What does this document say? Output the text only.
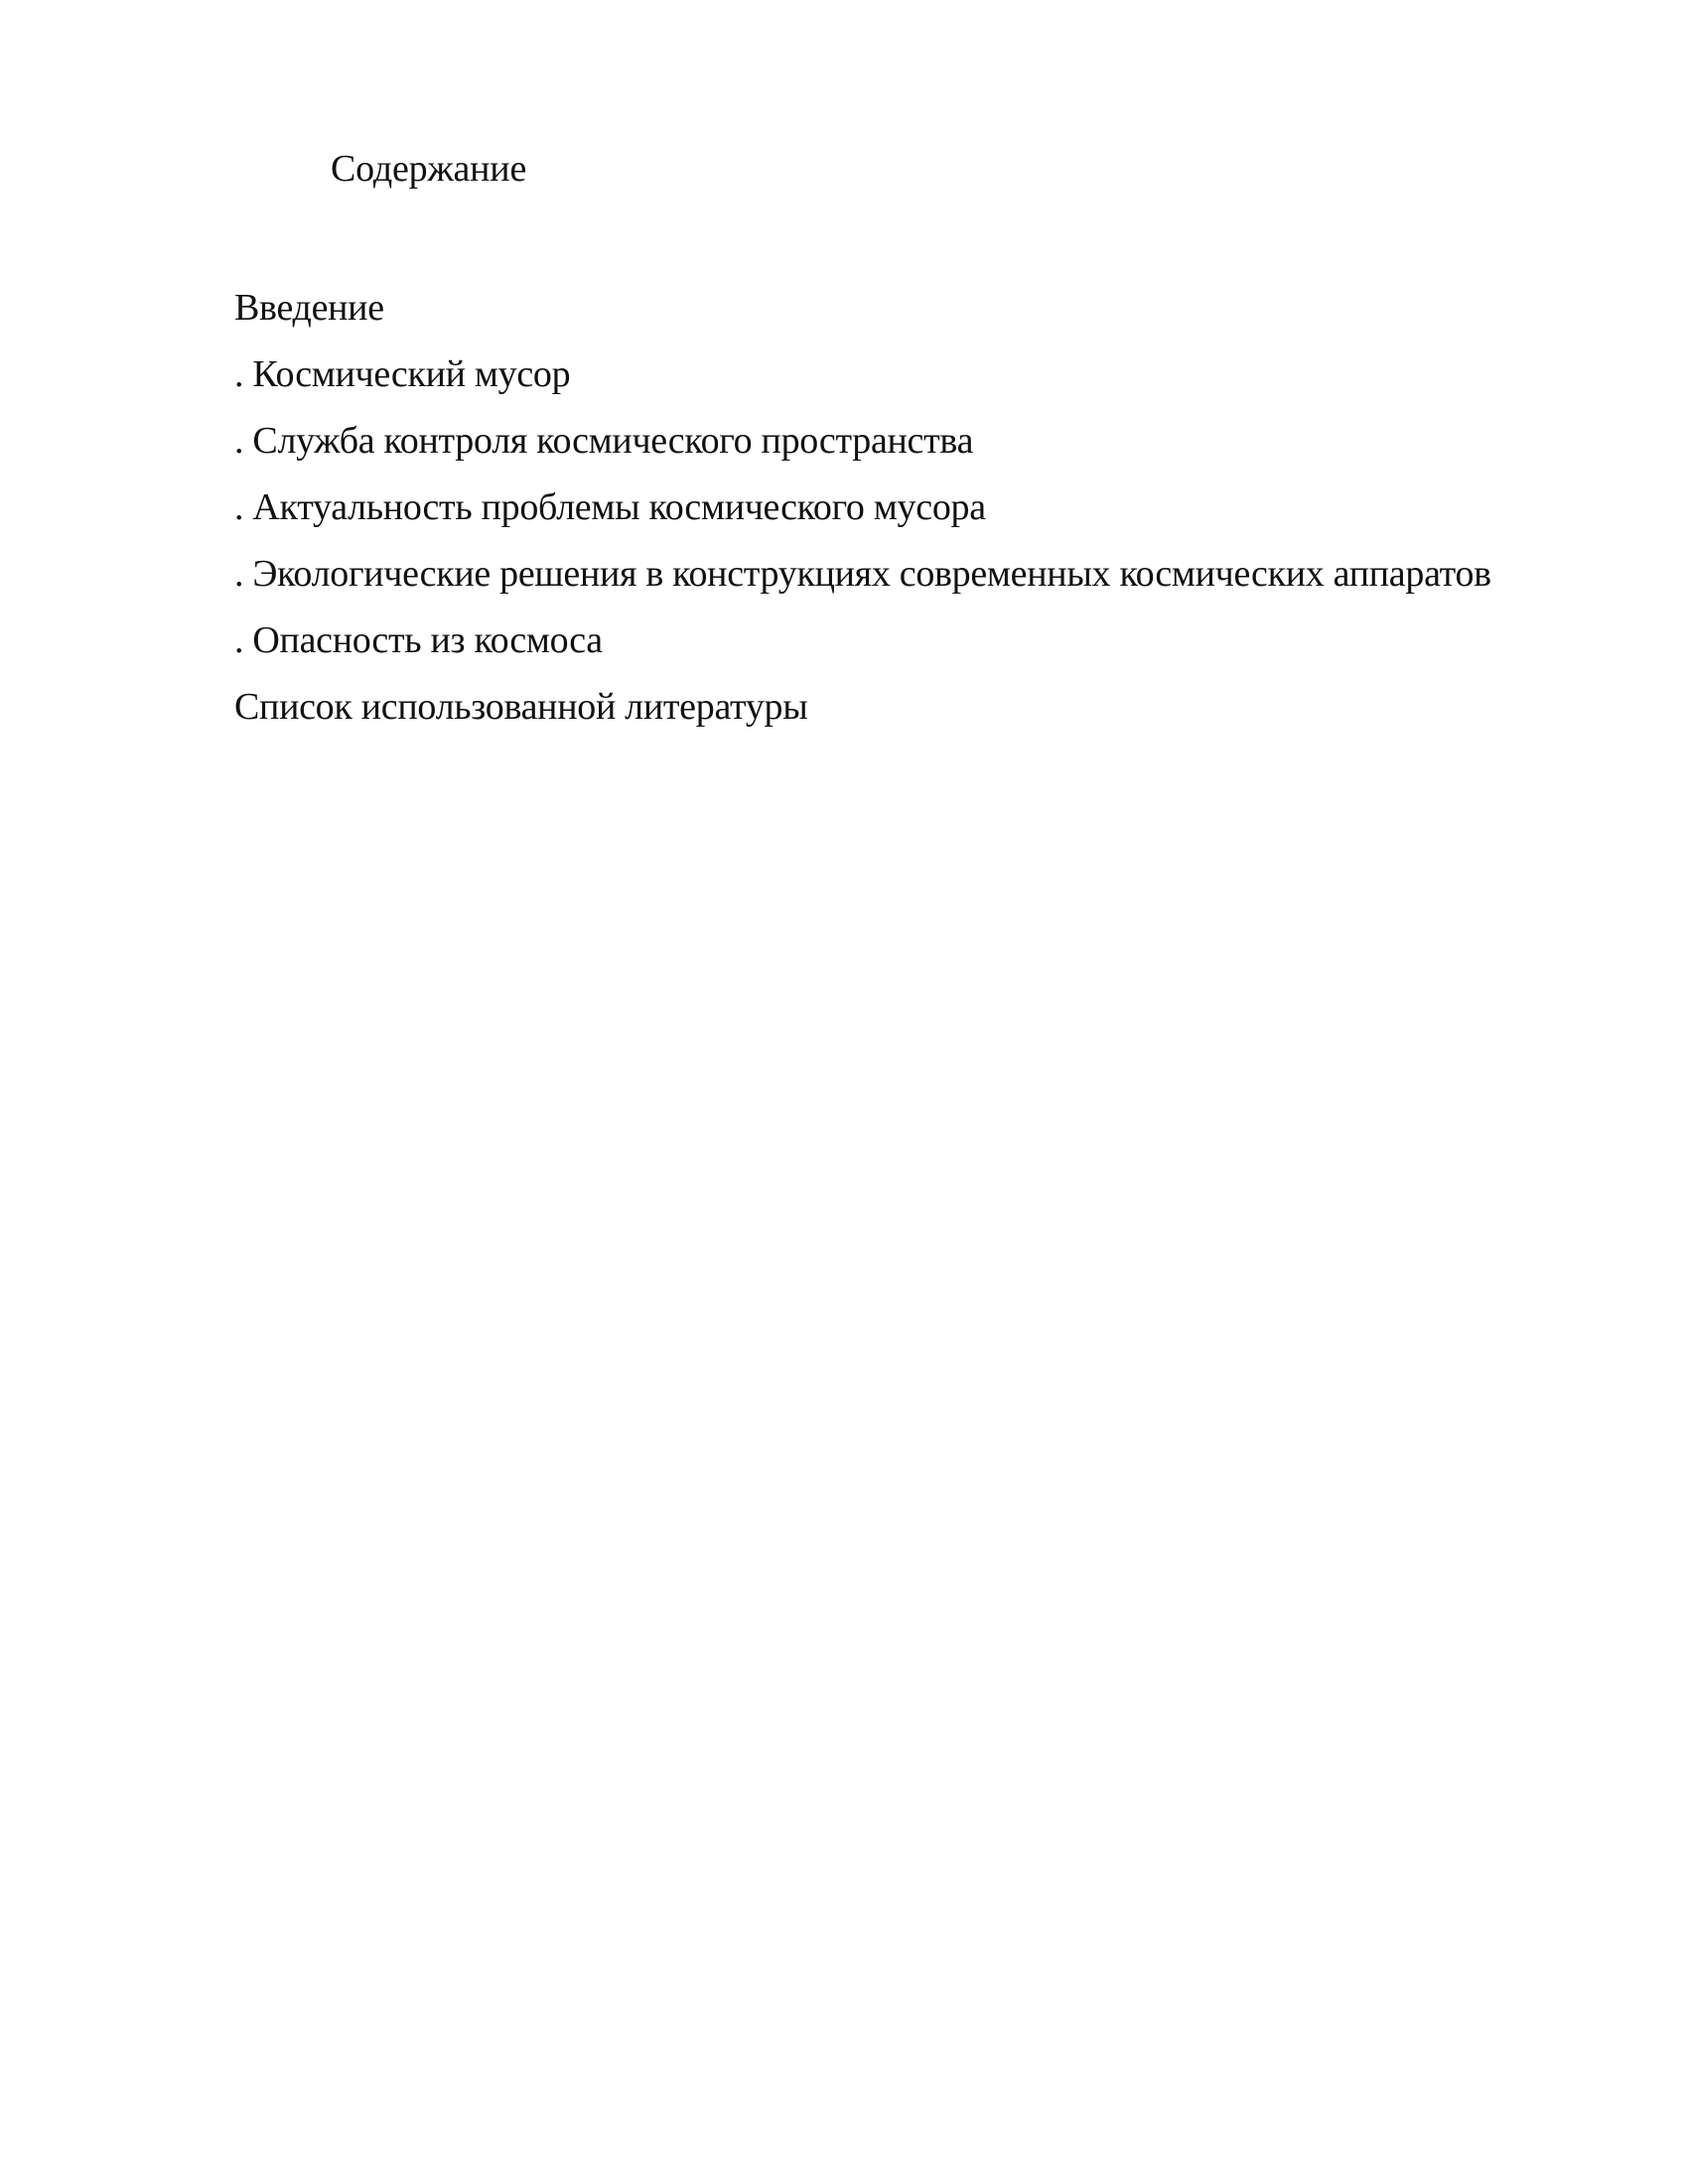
Содержание
Введение
. Космический мусор
. Служба контроля космического пространства
. Актуальность проблемы космического мусора
. Экологические решения в конструкциях современных космических аппаратов
. Опасность из космоса
Список использованной литературы
